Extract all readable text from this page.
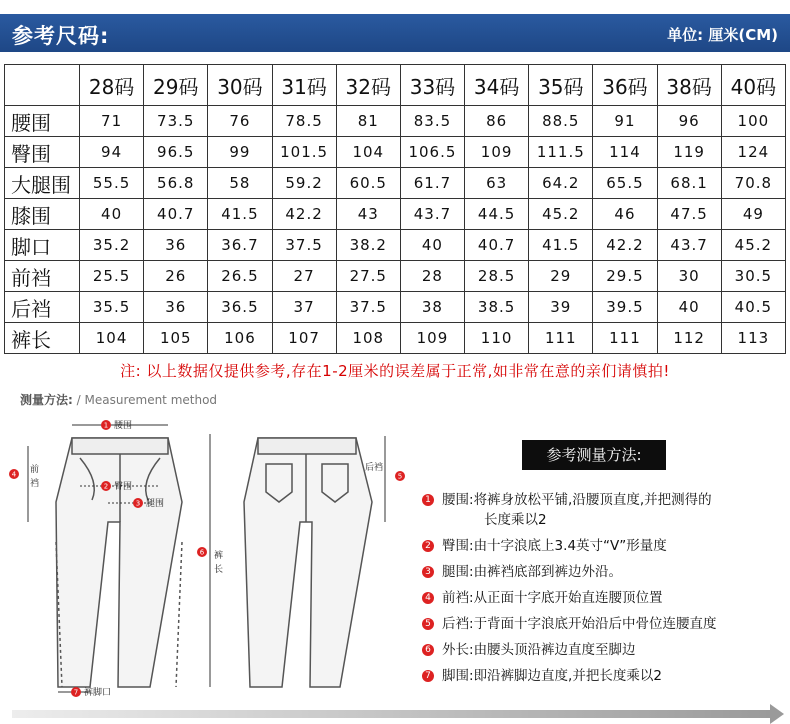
参考尺码:	单位: 厘米(CM)
	28码	29码	30码	31码	32码	33码	34码	35码	36码	38码	40码
腰围	71	73.5	76	78.5	81	83.5	86	88.5	91	96	100
臀围	94	96.5	99	101.5	104	106.5	109	111.5	114	119	124
大腿围	55.5	56.8	58	59.2	60.5	61.7	63	64.2	65.5	68.1	70.8
膝围	40	40.7	41.5	42.2	43	43.7	44.5	45.2	46	47.5	49
脚口	35.2	36	36.7	37.5	38.2	40	40.7	41.5	42.2	43.7	45.2
前裆	25.5	26	26.5	27	27.5	28	28.5	29	29.5	30	30.5
后裆	35.5	36	36.5	37	37.5	38	38.5	39	39.5	40	40.5
裤长	104	105	106	107	108	109	110	111	111	112	113
注: 以上数据仅提供参考,存在1-2厘米的误差属于正常,如非常在意的亲们请慎拍!
测量方法: / Measurement method
1
2
3
4	5
6
7
腰围
臀围
腿围
前
裆
后裆
裤
长
裤脚口
参考测量方法:
1 腰围:将裤身放松平铺,沿腰顶直度,并把测得的
长度乘以2
2 臀围:由十字浪底上3.4英寸“V”形量度
3 腿围:由裤裆底部到裤边外沿。
4 前裆:从正面十字底开始直连腰顶位置
5 后裆:于背面十字浪底开始沿后中骨位连腰直度
6 外长:由腰头顶沿裤边直度至脚边
7 脚围:即沿裤脚边直度,并把长度乘以2
